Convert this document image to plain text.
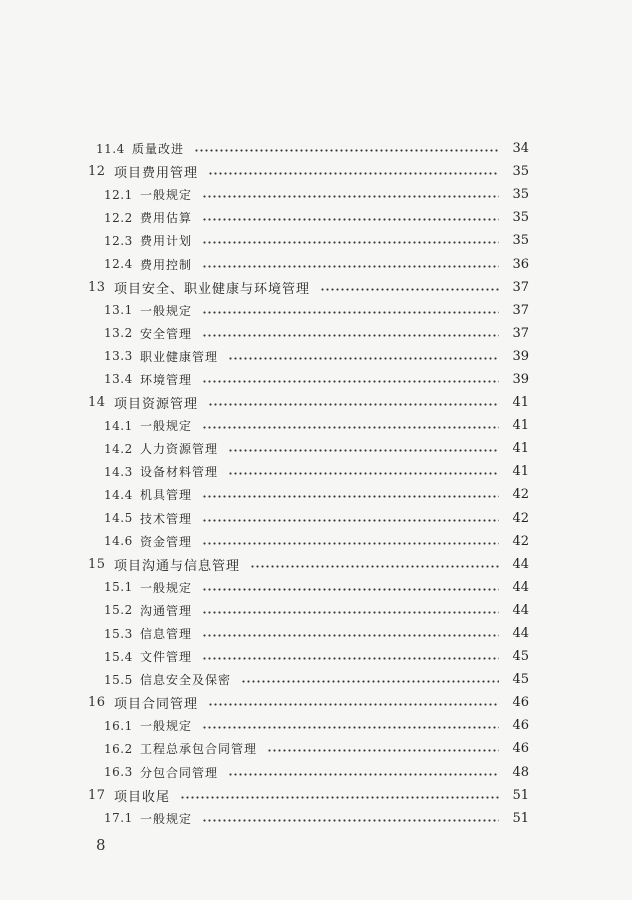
11.4 质量改进	34
12 项目费用管理	35
12.1 一般规定	35
12.2 费用估算	35
12.3 费用计划	35
12.4 费用控制	36
13 项目安全、职业健康与环境管理	37
13.1 一般规定	37
13.2 安全管理	37
13.3 职业健康管理	39
13.4 环境管理	39
14 项目资源管理	41
14.1 一般规定	41
14.2 人力资源管理	41
14.3 设备材料管理	41
14.4 机具管理	42
14.5 技术管理	42
14.6 资金管理	42
15 项目沟通与信息管理	44
15.1 一般规定	44
15.2 沟通管理	44
15.3 信息管理	44
15.4 文件管理	45
15.5 信息安全及保密	45
16 项目合同管理	46
16.1 一般规定	46
16.2 工程总承包合同管理	46
16.3 分包合同管理	48
17 项目收尾	51
17.1 一般规定	51
8
